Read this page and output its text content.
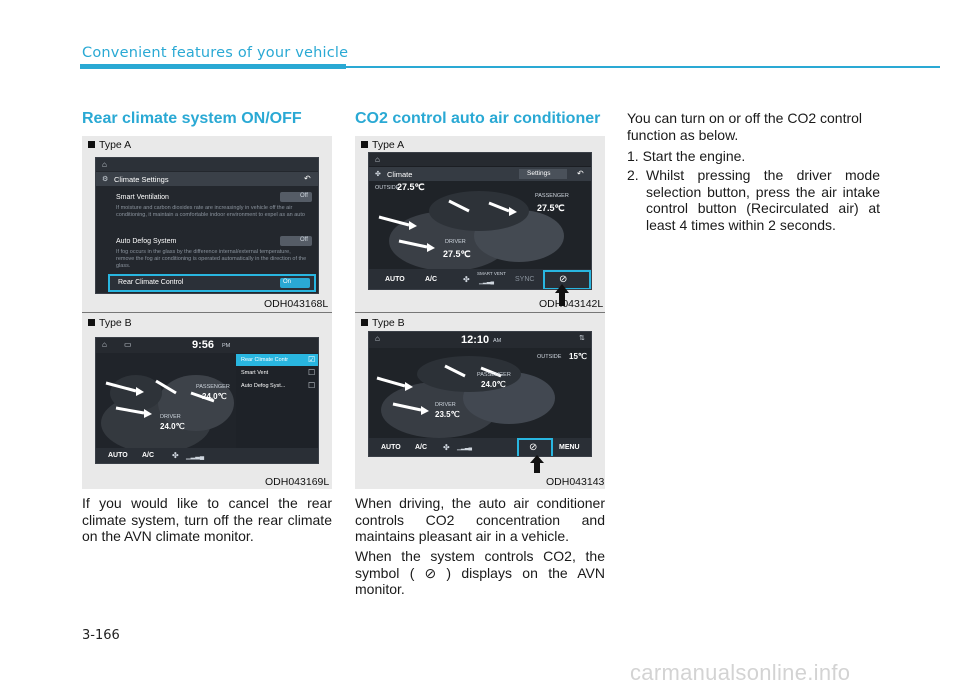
Convenient features of your vehicle
Rear climate system ON/OFF
Type A
⌂
⚙ Climate Settings	↶
Smart Ventilation	Off
If moisture and carbon dioxides rate are increasingly in vehicle off the air conditioning, it maintain a comfortable indoor environment to expel as an auto
Auto Defog System	Off
If fog occurs in the glass by the difference internal/external temperature, remove the fog air conditioning is operated automatically in the direction of the glass.
Rear Climate Control	On
ODH043168L
Type B
⌂ ▭	9:56 PM
PASSENGER
24.0℃
DRIVER
24.0℃
Rear Climate Contr ☑
Smart Vent	☐
Auto Defog Syst...	☐
AUTO A/C ✤ ▁▂▃▄
ODH043169L
If you would like to cancel the rear climate system, turn off the rear climate on the AVN climate monitor.
CO2 control auto air conditioner
Type A
⌂
✤ Climate	Settings	↶
OUTSIDE
27.5℃
PASSENGER
27.5℃
DRIVER
27.5℃
AUTO	A/C	✤
SMART VENT
▁▂▃▄	SYNC ⊘
ODH043142L
Type B
⌂	12:10 AM	⇅
OUTSIDE 15℃
PASSENGER
24.0℃
DRIVER
23.5℃
AUTO A/C ✤ ▁▂▃▄	⊘	MENU
ODH043143
When driving, the auto air conditioner controls CO2 concentration and maintains pleasant air in a vehicle.
When the system controls CO2, the symbol ( ⊘ ) displays on the AVN monitor.
You can turn on or off the CO2 control function as below.
1. Start the engine.
2. Whilst pressing the driver mode selection button, press the air intake control button (Recirculated air) at least 4 times within 2 seconds.
3-166
carmanualsonline.info
